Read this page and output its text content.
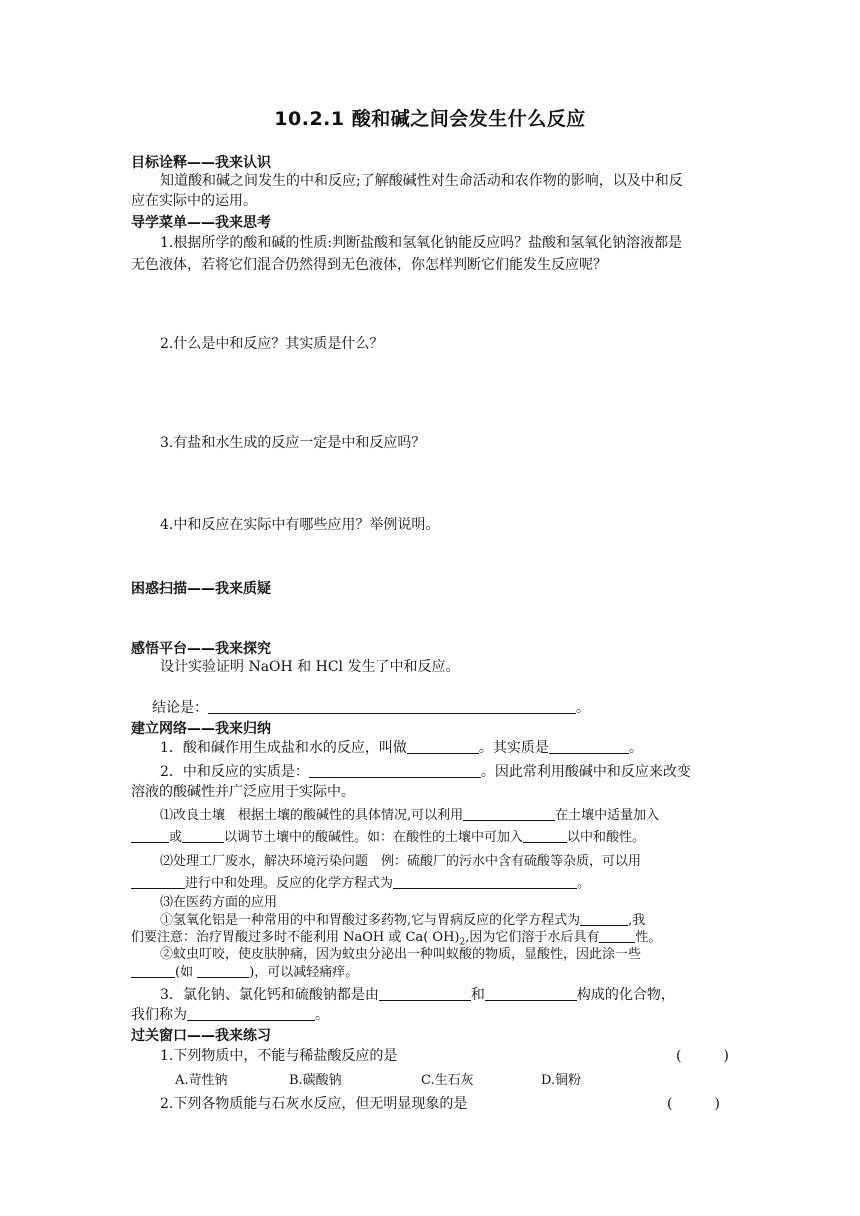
10.2.1 酸和碱之间会发生什么反应
目标诠释——我来认识
知道酸和碱之间发生的中和反应;了解酸碱性对生命活动和农作物的影响，以及中和反
应在实际中的运用。
导学菜单——我来思考
1.根据所学的酸和碱的性质:判断盐酸和氢氧化钠能反应吗？盐酸和氢氧化钠溶液都是
无色液体，若将它们混合仍然得到无色液体，你怎样判断它们能发生反应呢？
2.什么是中和反应？其实质是什么？
3.有盐和水生成的反应一定是中和反应吗？
4.中和反应在实际中有哪些应用？举例说明。
困惑扫描——我来质疑
感悟平台——我来探究
设计实验证明 NaOH 和 HCl 发生了中和反应。
结论是：	。
建立网络——我来归纳
1．酸和碱作用生成盐和水的反应，叫做	。其实质是	。
2．中和反应的实质是：	。因此常利用酸碱中和反应来改变
溶液的酸碱性并广泛应用于实际中。
⑴改良土壤　根据土壤的酸碱性的具体情况,可以利用	在土壤中适量加入
或	以调节土壤中的酸碱性。如：在酸性的土壤中可加入	以中和酸性。
⑵处理工厂废水，解决环境污染问题　例：硫酸厂的污水中含有硫酸等杂质，可以用
进行中和处理。反应的化学方程式为	。
⑶在医药方面的应用
①氢氧化铝是一种常用的中和胃酸过多药物,它与胃病反应的化学方程式为	,我
们要注意：治疗胃酸过多时不能利用 NaOH 或 Ca( $OH)_2$,因为它们溶于水后具有	性。
②蚊虫叮咬，使皮肤肿痛，因为蚊虫分泌出一种叫蚁酸的物质，显酸性，因此涂一些
(如	)，可以减轻痛痒。
3．氯化钠、氯化钙和硫酸钠都是由	和	构成的化合物，
我们称为	。
过关窗口——我来练习
1.下列物质中，不能与稀盐酸反应的是	(　　　)
A.苛性钠	B.碳酸钠	C.生石灰	D.铜粉
2.下列各物质能与石灰水反应，但无明显现象的是	(　　　)
